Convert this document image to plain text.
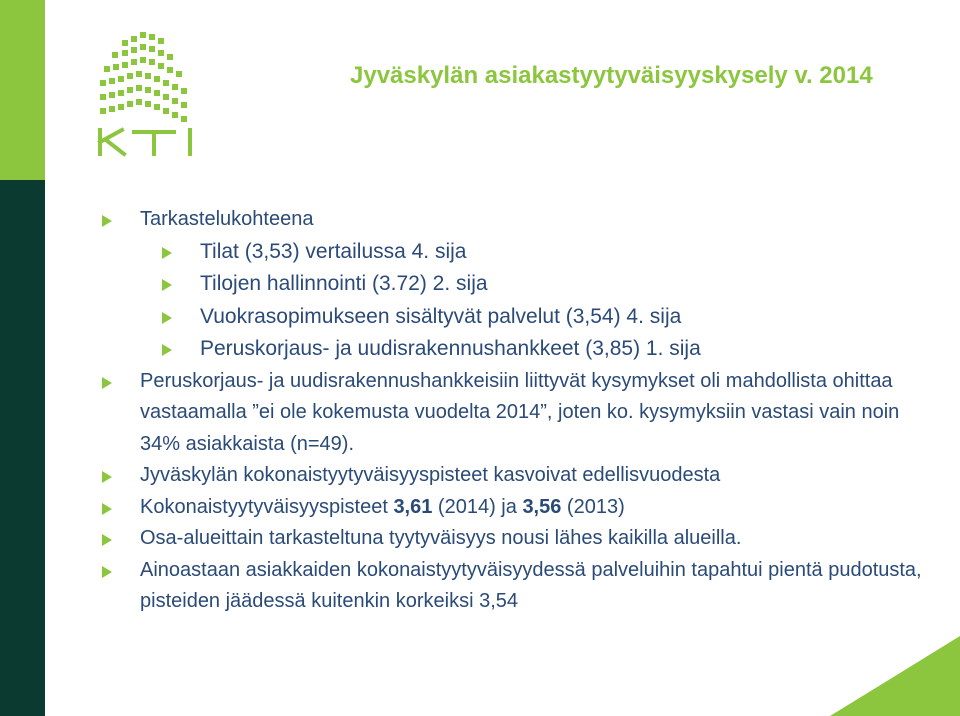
Jyväskylän asiakastyytyväisyyskysely v. 2014
Tarkastelukohteena
Tilat (3,53) vertailussa 4. sija
Tilojen hallinnointi (3.72) 2. sija
Vuokrasopimukseen sisältyvät palvelut (3,54) 4. sija
Peruskorjaus- ja uudisrakennushankkeet (3,85) 1. sija
Peruskorjaus- ja uudisrakennushankkeisiin liittyvät kysymykset oli mahdollista ohittaa vastaamalla ”ei ole kokemusta vuodelta 2014”, joten ko. kysymyksiin vastasi vain noin 34% asiakkaista (n=49).
Jyväskylän kokonaistyytyväisyyspisteet kasvoivat edellisvuodesta
Kokonaistyytyväisyyspisteet 3,61 (2014) ja 3,56 (2013)
Osa-alueittain tarkasteltuna tyytyväisyys nousi lähes kaikilla alueilla.
Ainoastaan asiakkaiden kokonaistyytyväisyydessä palveluihin tapahtui pientä pudotusta, pisteiden jäädessä kuitenkin korkeiksi 3,54
